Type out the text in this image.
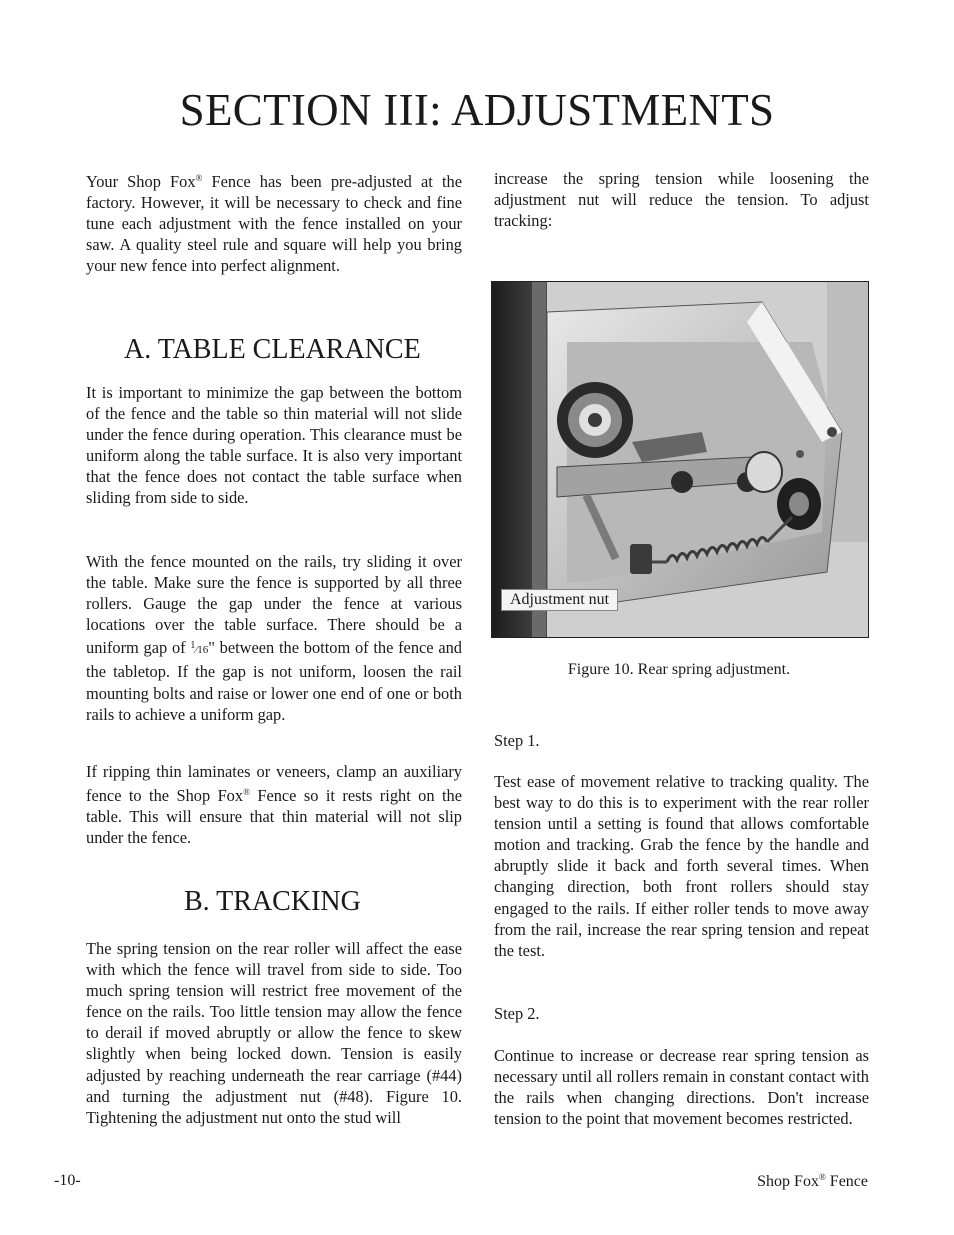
SECTION III: ADJUSTMENTS

Your Shop Fox® Fence has been pre-adjusted at the factory. However, it will be necessary to check and fine tune each adjustment with the fence installed on your saw. A quality steel rule and square will help you bring your new fence into perfect alignment.

A. TABLE CLEARANCE

It is important to minimize the gap between the bottom of the fence and the table so thin material will not slide under the fence during operation. This clearance must be uniform along the table surface. It is also very important that the fence does not contact the table surface when sliding from side to side.

With the fence mounted on the rails, try sliding it over the table. Make sure the fence is supported by all three rollers. Gauge the gap under the fence at various locations over the table surface. There should be a uniform gap of 1⁄16" between the bottom of the fence and the tabletop. If the gap is not uniform, loosen the rail mounting bolts and raise or lower one end of one or both rails to achieve a uniform gap.

If ripping thin laminates or veneers, clamp an auxiliary fence to the Shop Fox® Fence so it rests right on the table. This will ensure that thin material will not slip under the fence.

B. TRACKING

The spring tension on the rear roller will affect the ease with which the fence will travel from side to side. Too much spring tension will restrict free movement of the fence on the rails. Too little tension may allow the fence to derail if moved abruptly or allow the fence to skew slightly when being locked down. Tension is easily adjusted by reaching underneath the rear carriage (#44) and turning the adjustment nut (#48). Figure 10. Tightening the adjustment nut onto the stud will

increase the spring tension while loosening the adjustment nut will reduce the tension. To adjust tracking:

Step 1.

Test ease of movement relative to tracking quality. The best way to do this is to experiment with the rear roller tension until a setting is found that allows comfortable motion and tracking. Grab the fence by the handle and abruptly slide it back and forth several times. When changing direction, both front rollers should stay engaged to the rails. If either roller tends to move away from the rail, increase the rear spring tension and repeat the test.

Step 2.

Continue to increase or decrease rear spring tension as necessary until all rollers remain in constant contact with the rails when changing directions. Don't increase tension to the point that movement becomes restricted.

Adjustment nut

Figure 10. Rear spring adjustment.

-10-	Shop Fox® Fence
